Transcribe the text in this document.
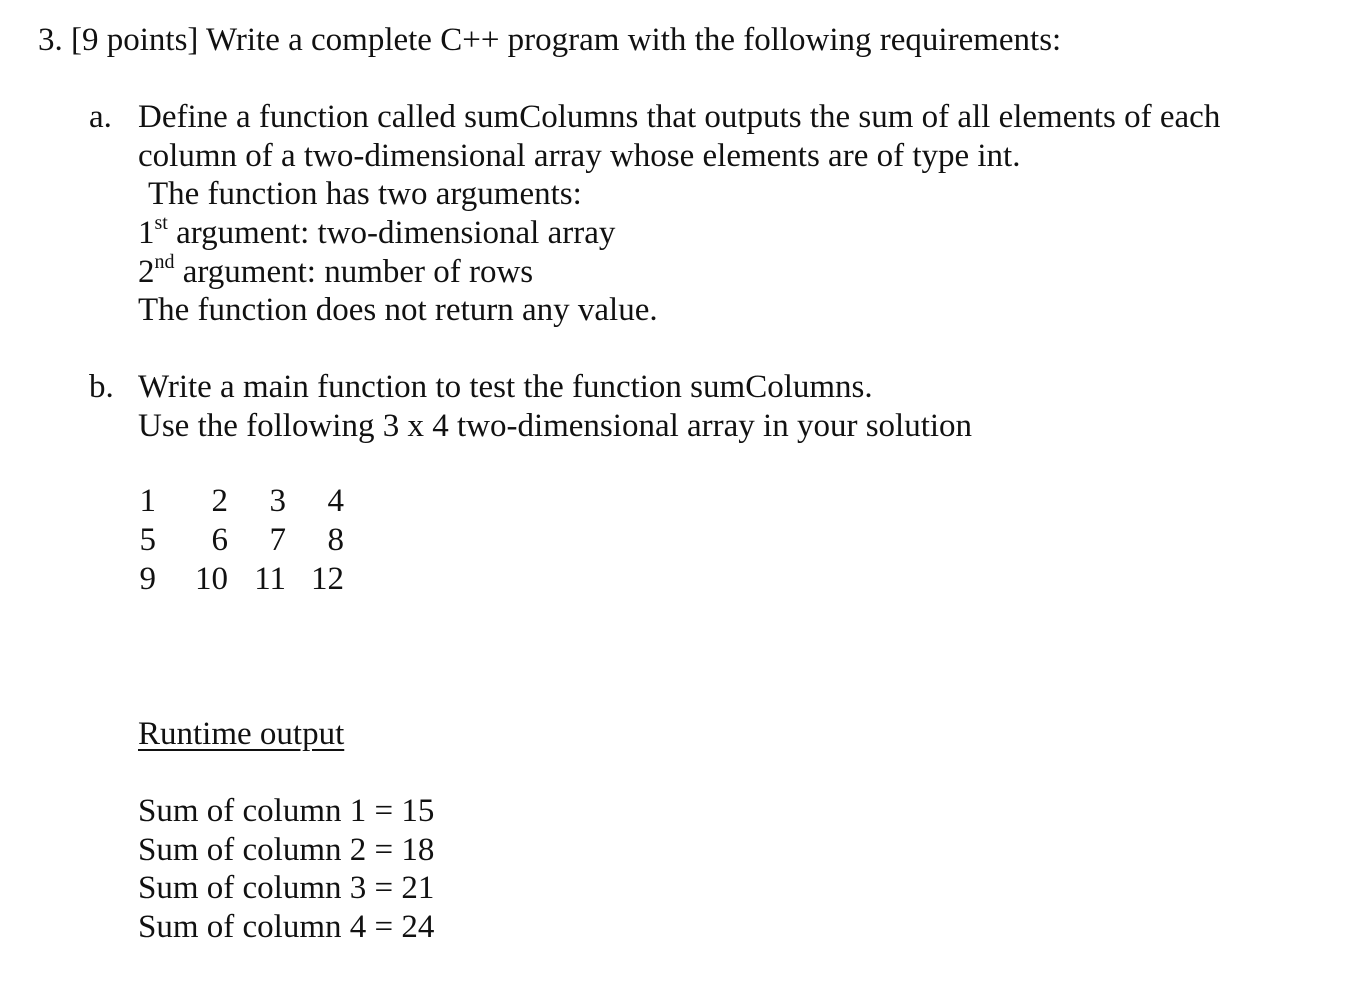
3. [9 points] Write a complete C++ program with the following requirements:
a. Define a function called sumColumns that outputs the sum of all elements of each
column of a two-dimensional array whose elements are of type int.
The function has two arguments:
1st argument: two-dimensional array
2nd argument: number of rows
The function does not return any value.
b. Write a main function to test the function sumColumns.
Use the following 3 x 4 two-dimensional array in your solution
1	2	3	4
5	6	7	8
9	10	11	12
Runtime output
Sum of column 1 = 15
Sum of column 2 = 18
Sum of column 3 = 21
Sum of column 4 = 24
